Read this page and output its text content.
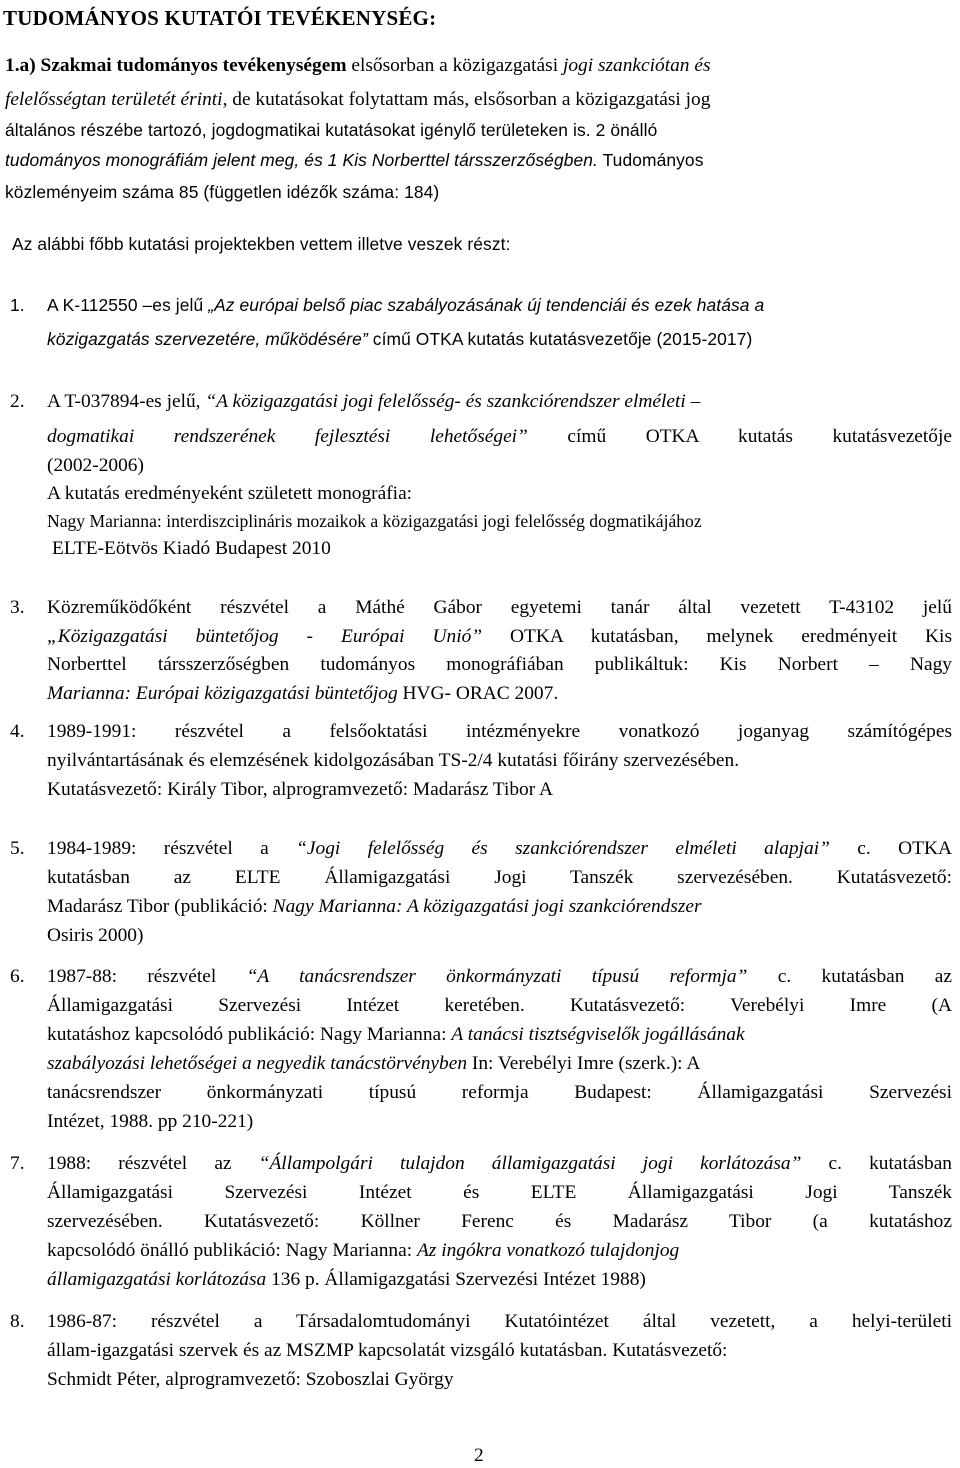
TUDOMÁNYOS KUTATÓI TEVÉKENYSÉG:
1.a) Szakmai tudományos tevékenységem elsősorban a közigazgatási jogi szankciótan és
felelősségtan területét érinti, de kutatásokat folytattam más, elsősorban a közigazgatási jog
általános részébe tartozó, jogdogmatikai kutatásokat igénylő területeken is. 2 önálló
tudományos monográfiám jelent meg, és 1 Kis Norberttel társszerzőségben. Tudományos
közleményeim száma 85 (független idézők száma: 184)
Az alábbi főbb kutatási projektekben vettem illetve veszek részt:
1. A K-112550 –es jelű „Az európai belső piac szabályozásának új tendenciái és ezek hatása a
közigazgatás szervezetére, működésére” című OTKA kutatás kutatásvezetője (2015-2017)
2. A T-037894-es jelű, “A közigazgatási jogi felelősség- és szankciórendszer elméleti –
dogmatikai rendszerének fejlesztési lehetőségei” című OTKA kutatás kutatásvezetője
(2002-2006)
A kutatás eredményeként született monográfia:
Nagy Marianna: interdiszciplináris mozaikok a közigazgatási jogi felelősség dogmatikájához
ELTE-Eötvös Kiadó Budapest 2010
3. Közreműködőként részvétel a Máthé Gábor egyetemi tanár által vezetett T-43102 jelű
„Közigazgatási büntetőjog - Európai Unió” OTKA kutatásban, melynek eredményeit Kis
Norberttel társszerzőségben tudományos monográfiában publikáltuk: Kis Norbert – Nagy
Marianna: Európai közigazgatási büntetőjog HVG- ORAC 2007.
4. 1989-1991: részvétel a felsőoktatási intézményekre vonatkozó joganyag számítógépes
nyilvántartásának és elemzésének kidolgozásában TS-2/4 kutatási főirány szervezésében.
Kutatásvezető: Király Tibor, alprogramvezető: Madarász Tibor A
5. 1984-1989: részvétel a “Jogi felelősség és szankciórendszer elméleti alapjai” c. OTKA
kutatásban az ELTE Államigazgatási Jogi Tanszék szervezésében. Kutatásvezető:
Madarász Tibor (publikáció: Nagy Marianna: A közigazgatási jogi szankciórendszer
Osiris 2000)
6. 1987-88: részvétel “A tanácsrendszer önkormányzati típusú reformja” c. kutatásban az
Államigazgatási Szervezési Intézet keretében. Kutatásvezető: Verebélyi Imre (A
kutatáshoz kapcsolódó publikáció: Nagy Marianna: A tanácsi tisztségviselők jogállásának
szabályozási lehetőségei a negyedik tanácstörvényben In: Verebélyi Imre (szerk.): A
tanácsrendszer önkormányzati típusú reformja Budapest: Államigazgatási Szervezési
Intézet, 1988. pp 210-221)
7. 1988: részvétel az “Állampolgári tulajdon államigazgatási jogi korlátozása” c. kutatásban
Államigazgatási Szervezési Intézet és ELTE Államigazgatási Jogi Tanszék
szervezésében. Kutatásvezető: Köllner Ferenc és Madarász Tibor (a kutatáshoz
kapcsolódó önálló publikáció: Nagy Marianna: Az ingókra vonatkozó tulajdonjog
államigazgatási korlátozása 136 p. Államigazgatási Szervezési Intézet 1988)
8. 1986-87: részvétel a Társadalomtudományi Kutatóintézet által vezetett, a helyi-területi
állam-igazgatási szervek és az MSZMP kapcsolatát vizsgáló kutatásban. Kutatásvezető:
Schmidt Péter, alprogramvezető: Szoboszlai György
2
